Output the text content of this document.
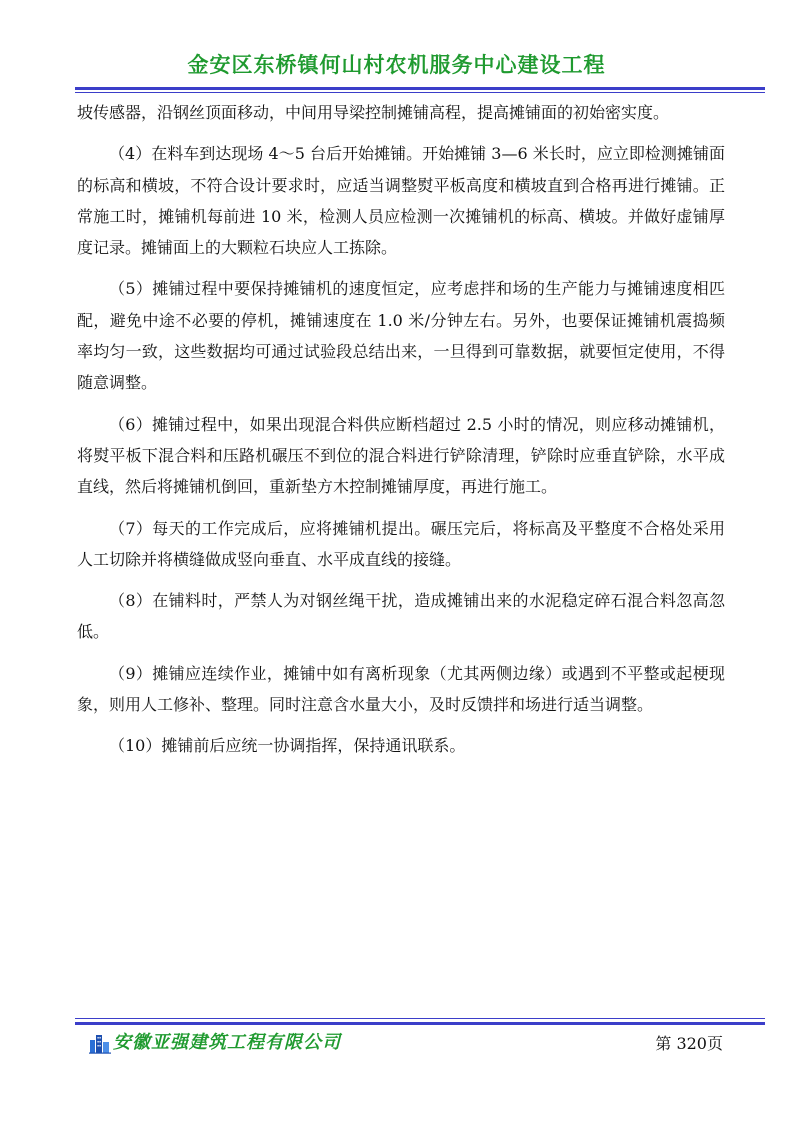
金安区东桥镇何山村农机服务中心建设工程

坡传感器，沿钢丝顶面移动，中间用导梁控制摊铺高程，提高摊铺面的初始密实度。

（4）在料车到达现场 4～5 台后开始摊铺。开始摊铺 3—6 米长时，应立即检测摊铺面的标高和横坡，不符合设计要求时，应适当调整熨平板高度和横坡直到合格再进行摊铺。正常施工时，摊铺机每前进 10 米，检测人员应检测一次摊铺机的标高、横坡。并做好虚铺厚度记录。摊铺面上的大颗粒石块应人工拣除。

（5）摊铺过程中要保持摊铺机的速度恒定，应考虑拌和场的生产能力与摊铺速度相匹配，避免中途不必要的停机，摊铺速度在 1.0 米/分钟左右。另外，也要保证摊铺机震捣频率均匀一致，这些数据均可通过试验段总结出来，一旦得到可靠数据，就要恒定使用，不得随意调整。

（6）摊铺过程中，如果出现混合料供应断档超过 2.5 小时的情况，则应移动摊铺机，将熨平板下混合料和压路机碾压不到位的混合料进行铲除清理，铲除时应垂直铲除，水平成直线，然后将摊铺机倒回，重新垫方木控制摊铺厚度，再进行施工。

（7）每天的工作完成后，应将摊铺机提出。碾压完后，将标高及平整度不合格处采用人工切除并将横缝做成竖向垂直、水平成直线的接缝。

（8）在铺料时，严禁人为对钢丝绳干扰，造成摊铺出来的水泥稳定碎石混合料忽高忽低。

（9）摊铺应连续作业，摊铺中如有离析现象（尤其两侧边缘）或遇到不平整或起梗现象，则用人工修补、整理。同时注意含水量大小，及时反馈拌和场进行适当调整。

（10）摊铺前后应统一协调指挥，保持通讯联系。

安徽亚强建筑工程有限公司	第 320页
